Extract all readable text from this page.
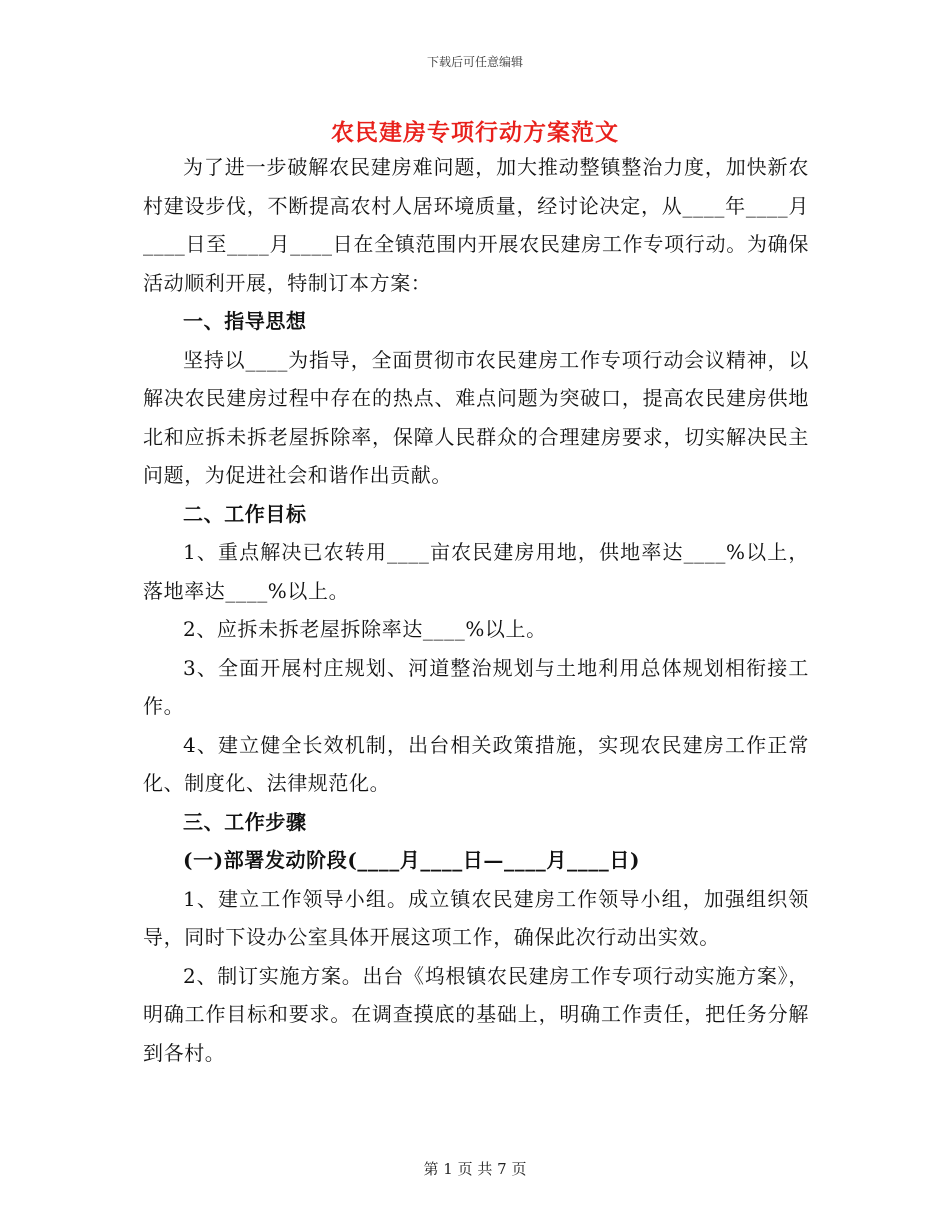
下载后可任意编辑
农民建房专项行动方案范文

为了进一步破解农民建房难问题，加大推动整镇整治力度，加快新农村建设步伐，不断提高农村人居环境质量，经讨论决定，从____年____月____日至____月____日在全镇范围内开展农民建房工作专项行动。为确保活动顺利开展，特制订本方案：

一、指导思想

坚持以____为指导，全面贯彻市农民建房工作专项行动会议精神，以解决农民建房过程中存在的热点、难点问题为突破口，提高农民建房供地北和应拆未拆老屋拆除率，保障人民群众的合理建房要求，切实解决民主问题，为促进社会和谐作出贡献。

二、工作目标

1、重点解决已农转用____亩农民建房用地，供地率达____%以上，落地率达____%以上。

2、应拆未拆老屋拆除率达____%以上。

3、全面开展村庄规划、河道整治规划与土地利用总体规划相衔接工作。

4、建立健全长效机制，出台相关政策措施，实现农民建房工作正常化、制度化、法律规范化。

三、工作步骤

(一)部署发动阶段(____月____日—____月____日)

1、建立工作领导小组。成立镇农民建房工作领导小组，加强组织领导，同时下设办公室具体开展这项工作，确保此次行动出实效。

2、制订实施方案。出台《坞根镇农民建房工作专项行动实施方案》，明确工作目标和要求。在调查摸底的基础上，明确工作责任，把任务分解到各村。

第 1 页 共 7 页
